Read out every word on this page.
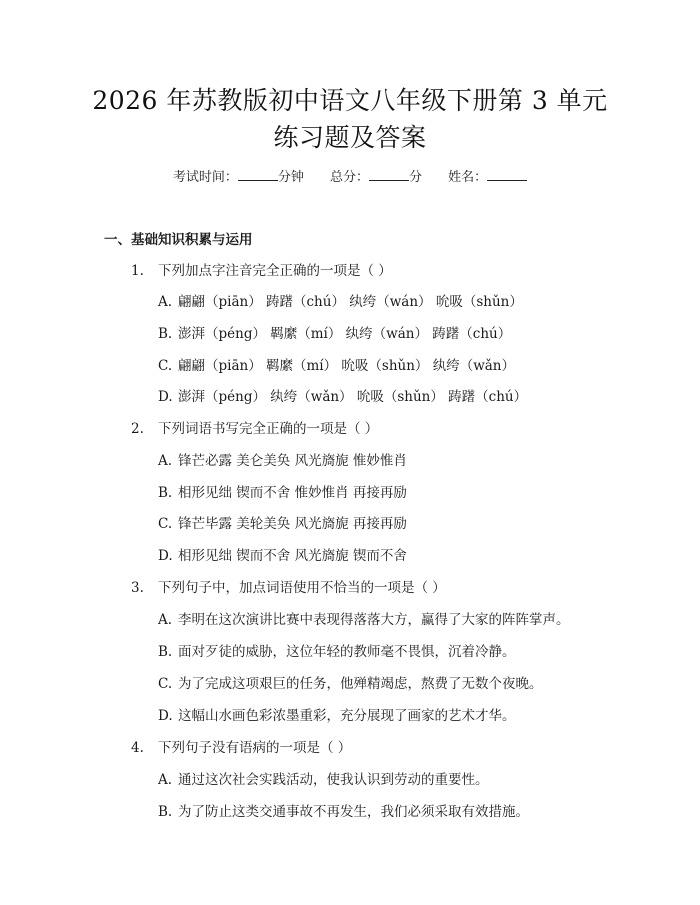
2026 年苏教版初中语文八年级下册第 3 单元
练习题及答案
考试时间：	分钟 总分：	分 姓名：
一、基础知识积累与运用
1. 下列加点字注音完全正确的一项是（ ）
A. 翩翩（piān） 踌躇（chú） 纨绔（wán） 吮吸（shǔn）
B. 澎湃（péng） 羁縻（mí） 纨绔（wán） 踌躇（chú）
C. 翩翩（piān） 羁縻（mí） 吮吸（shǔn） 纨绔（wǎn）
D. 澎湃（péng） 纨绔（wǎn） 吮吸（shǔn） 踌躇（chú）
2. 下列词语书写完全正确的一项是（ ）
A. 锋芒必露 美仑美奂 风光旖旎 惟妙惟肖
B. 相形见绌 锲而不舍 惟妙惟肖 再接再励
C. 锋芒毕露 美轮美奂 风光旖旎 再接再励
D. 相形见绌 锲而不舍 风光旖旎 锲而不舍
3. 下列句子中，加点词语使用不恰当的一项是（ ）
A. 李明在这次演讲比赛中表现得落落大方，赢得了大家的阵阵掌声。
B. 面对歹徒的威胁，这位年轻的教师毫不畏惧，沉着冷静。
C. 为了完成这项艰巨的任务，他殚精竭虑，熬费了无数个夜晚。
D. 这幅山水画色彩浓墨重彩，充分展现了画家的艺术才华。
4. 下列句子没有语病的一项是（ ）
A. 通过这次社会实践活动，使我认识到劳动的重要性。
B. 为了防止这类交通事故不再发生，我们必须采取有效措施。
